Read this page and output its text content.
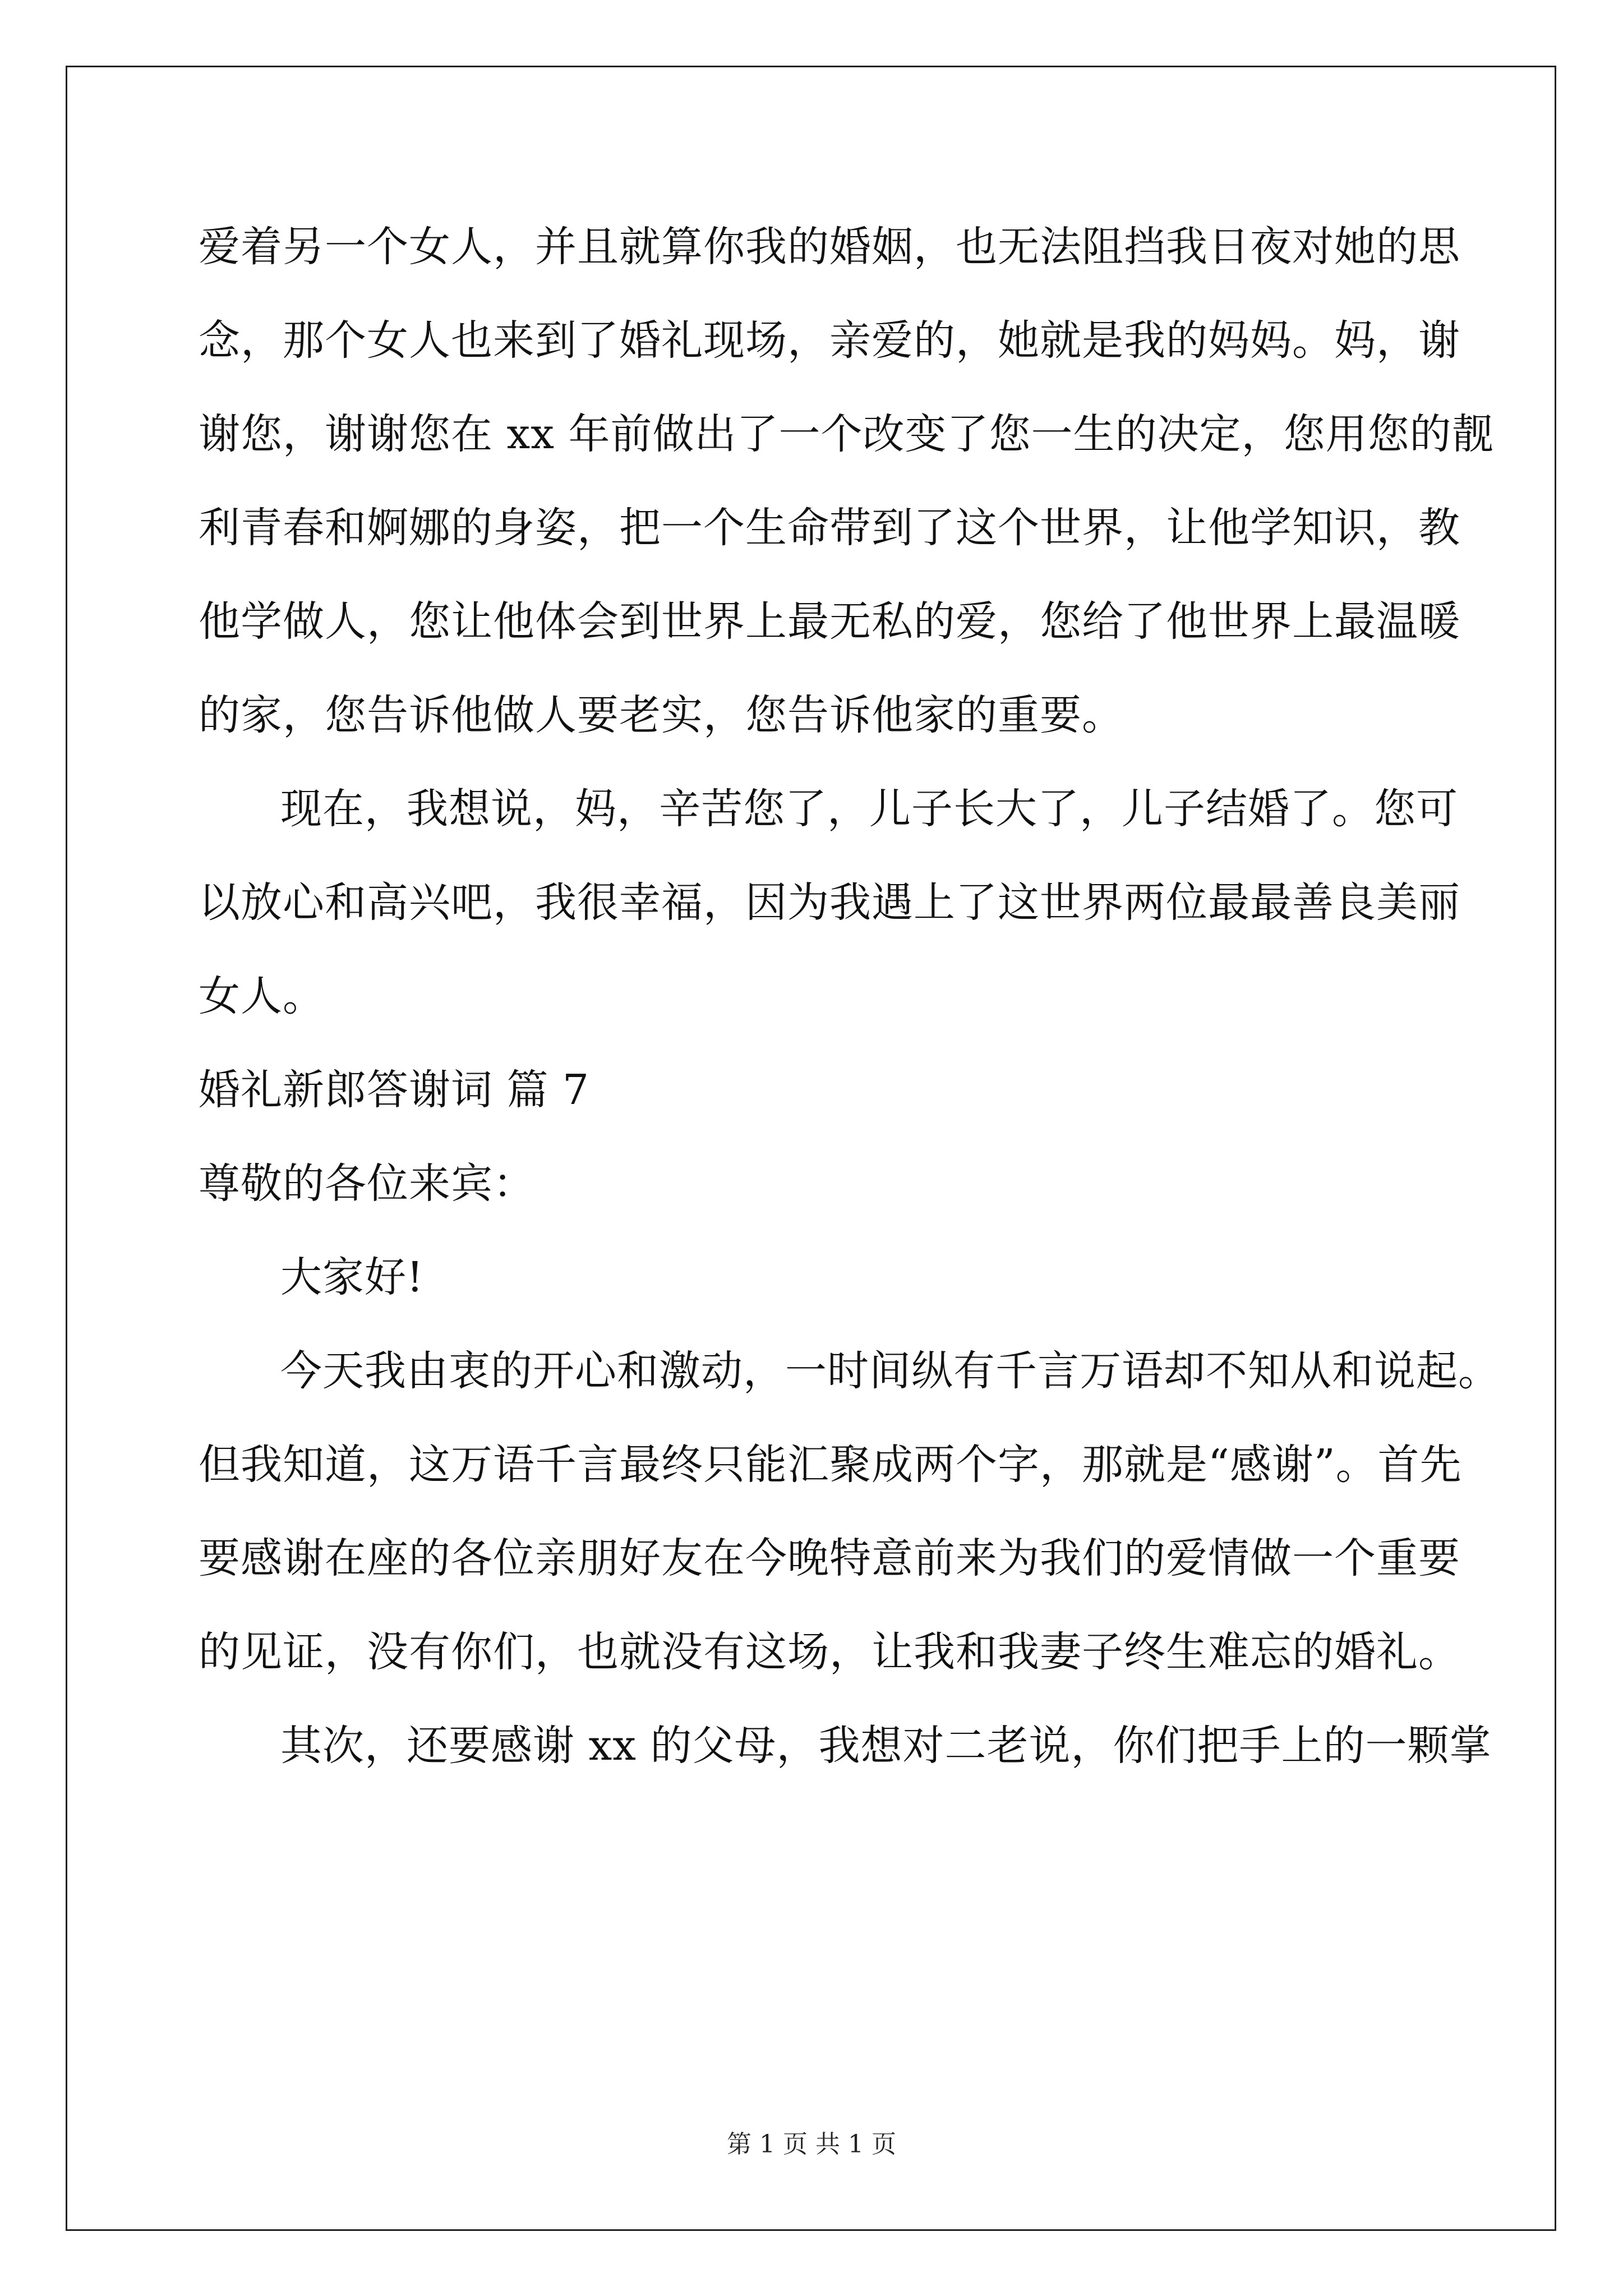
爱着另一个女人，并且就算你我的婚姻，也无法阻挡我日夜对她的思
念，那个女人也来到了婚礼现场，亲爱的，她就是我的妈妈。妈，谢
谢您，谢谢您在 xx 年前做出了一个改变了您一生的决定，您用您的靓
利青春和婀娜的身姿，把一个生命带到了这个世界，让他学知识，教
他学做人，您让他体会到世界上最无私的爱，您给了他世界上最温暖
的家，您告诉他做人要老实，您告诉他家的重要。
现在，我想说，妈，辛苦您了，儿子长大了，儿子结婚了。您可
以放心和高兴吧，我很幸福，因为我遇上了这世界两位最最善良美丽
女人。
婚礼新郎答谢词 篇 7
尊敬的各位来宾：
大家好!
今天我由衷的开心和激动，一时间纵有千言万语却不知从和说起。
但我知道，这万语千言最终只能汇聚成两个字，那就是“感谢”。首先
要感谢在座的各位亲朋好友在今晚特意前来为我们的爱情做一个重要
的见证，没有你们，也就没有这场，让我和我妻子终生难忘的婚礼。
其次，还要感谢 xx 的父母，我想对二老说，你们把手上的一颗掌
第 1 页 共 1 页
